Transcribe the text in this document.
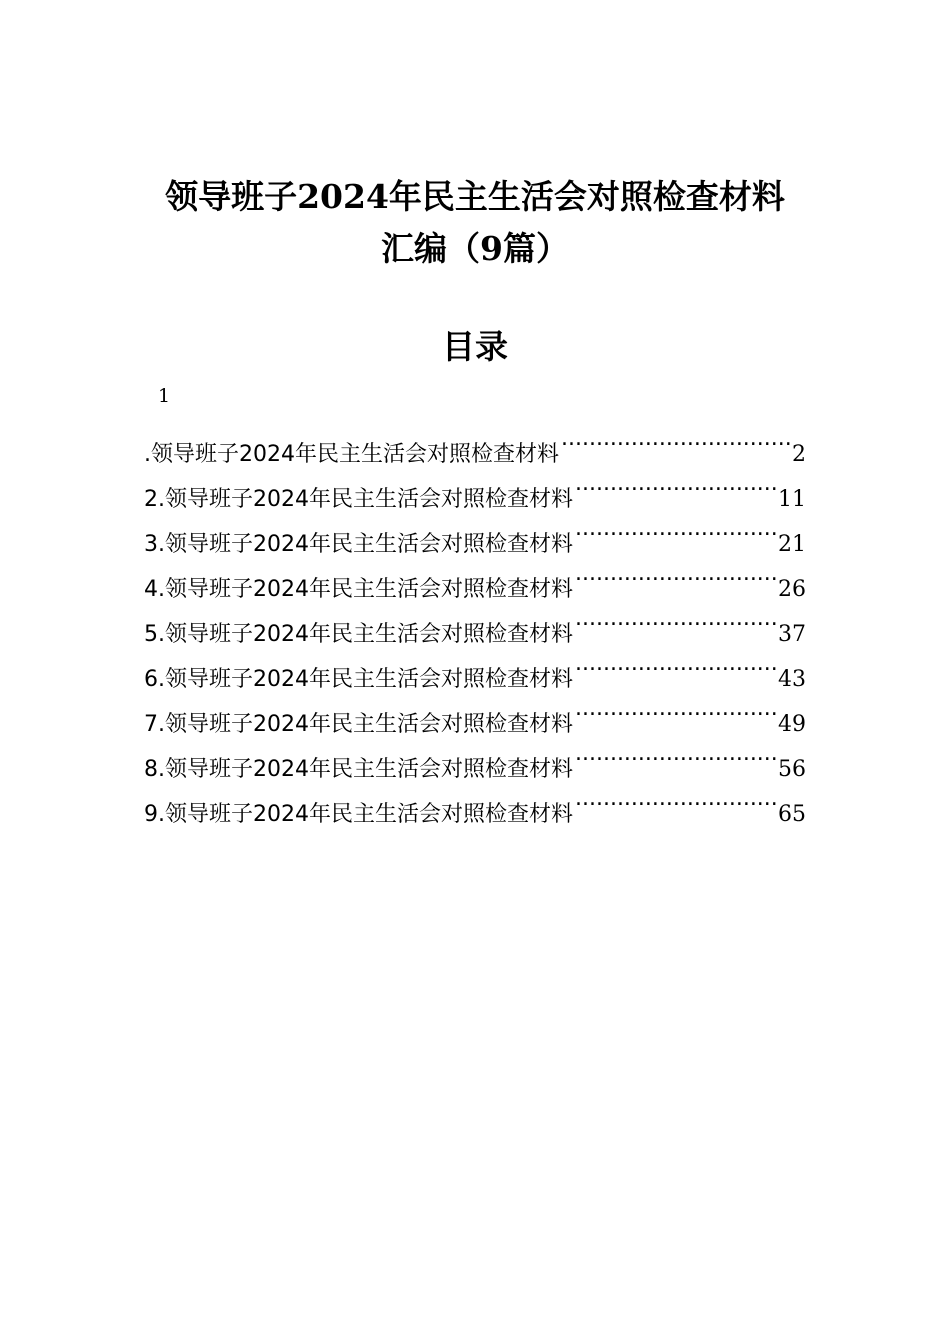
领导班子2024年民主生活会对照检查材料
汇编（9篇）
目录
1
.领导班子2024年民主生活会对照检查材料 .....	2
2.领导班子2024年民主生活会对照检查材料 .....	11
3.领导班子2024年民主生活会对照检查材料 .....	21
4.领导班子2024年民主生活会对照检查材料 .....	26
5.领导班子2024年民主生活会对照检查材料 .....	37
6.领导班子2024年民主生活会对照检查材料 .....	43
7.领导班子2024年民主生活会对照检查材料 .....	49
8.领导班子2024年民主生活会对照检查材料 .....	56
9.领导班子2024年民主生活会对照检查材料 .....	65
